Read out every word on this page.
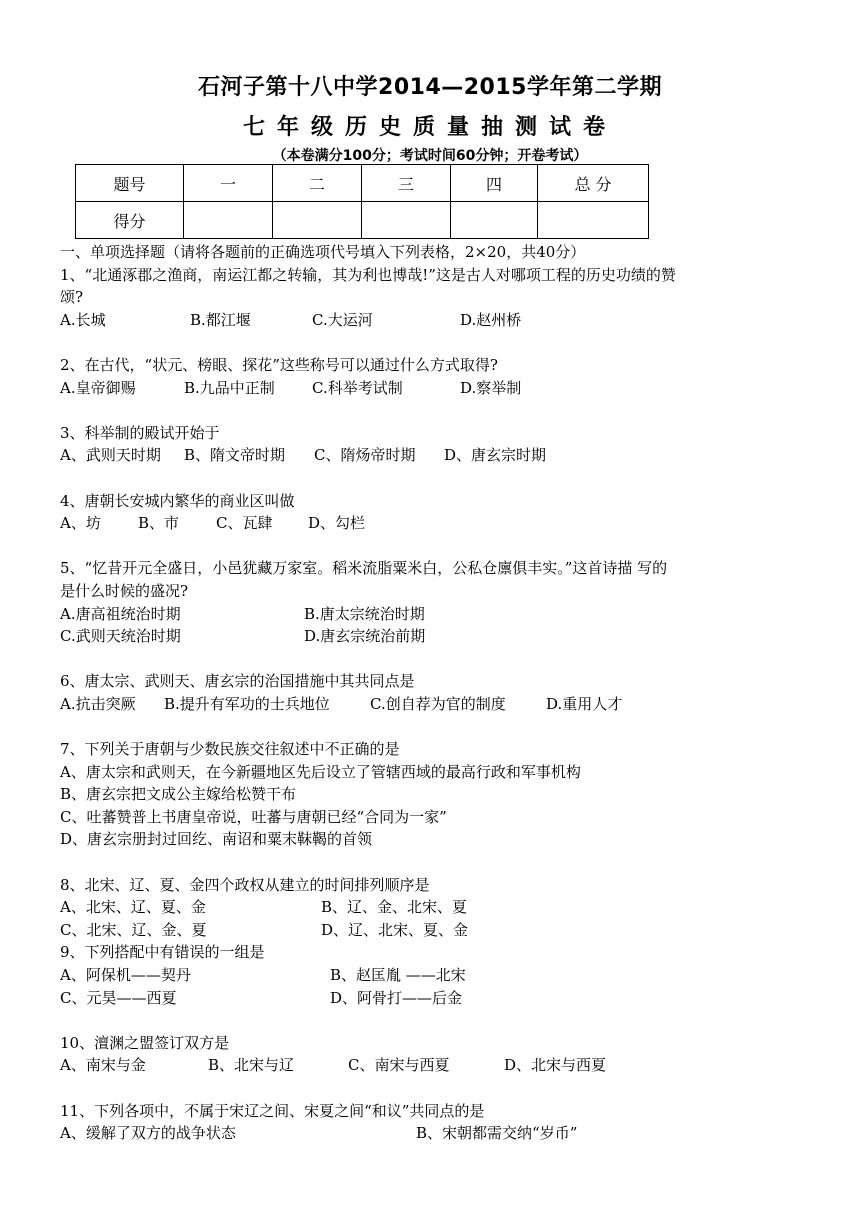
石河子第十八中学2014—2015学年第二学期
七年级历史质量抽测试卷
（本卷满分100分；考试时间60分钟；开卷考试）
题号	一	二	三	四	总 分
得分					
一、单项选择题（请将各题前的正确选项代号填入下列表格，2×20，共40分）
1、“北通涿郡之渔商，南运江都之转输，其为利也博哉!”这是古人对哪项工程的历史功绩的赞
颂?
A.长城	B.都江堰	C.大运河	D.赵州桥
2、在古代，“状元、榜眼、探花”这些称号可以通过什么方式取得?
A.皇帝御赐	B.九品中正制	C.科举考试制	D.察举制
3、科举制的殿试开始于
A、武则天时期	B、隋文帝时期	C、隋炀帝时期	D、唐玄宗时期
4、唐朝长安城内繁华的商业区叫做
A、坊	B、市	C、瓦肆	D、勾栏
5、“忆昔开元全盛日，小邑犹藏万家室。稻米流脂粟米白，公私仓廪俱丰实。”这首诗描 写的
是什么时候的盛况?
A.唐高祖统治时期	B.唐太宗统治时期
C.武则天统治时期	D.唐玄宗统治前期
6、唐太宗、武则天、唐玄宗的治国措施中其共同点是
A.抗击突厥	B.提升有军功的士兵地位	C.创自荐为官的制度	D.重用人才
7、下列关于唐朝与少数民族交往叙述中不正确的是
A、唐太宗和武则天，在今新疆地区先后设立了管辖西域的最高行政和军事机构
B、唐玄宗把文成公主嫁给松赞干布
C、吐蕃赞普上书唐皇帝说，吐蕃与唐朝已经“合同为一家”
D、唐玄宗册封过回纥、南诏和粟末靺鞨的首领
8、北宋、辽、夏、金四个政权从建立的时间排列顺序是
A、北宋、辽、夏、金	B、辽、金、北宋、夏
C、北宋、辽、金、夏	D、辽、北宋、夏、金
9、下列搭配中有错误的一组是
A、阿保机——契丹	B、赵匡胤 ——北宋
C、元昊——西夏	D、阿骨打——后金
10、澶渊之盟签订双方是
A、南宋与金	B、北宋与辽	C、南宋与西夏	D、北宋与西夏
11、下列各项中，不属于宋辽之间、宋夏之间“和议”共同点的是
A、缓解了双方的战争状态	B、宋朝都需交纳“岁币”
